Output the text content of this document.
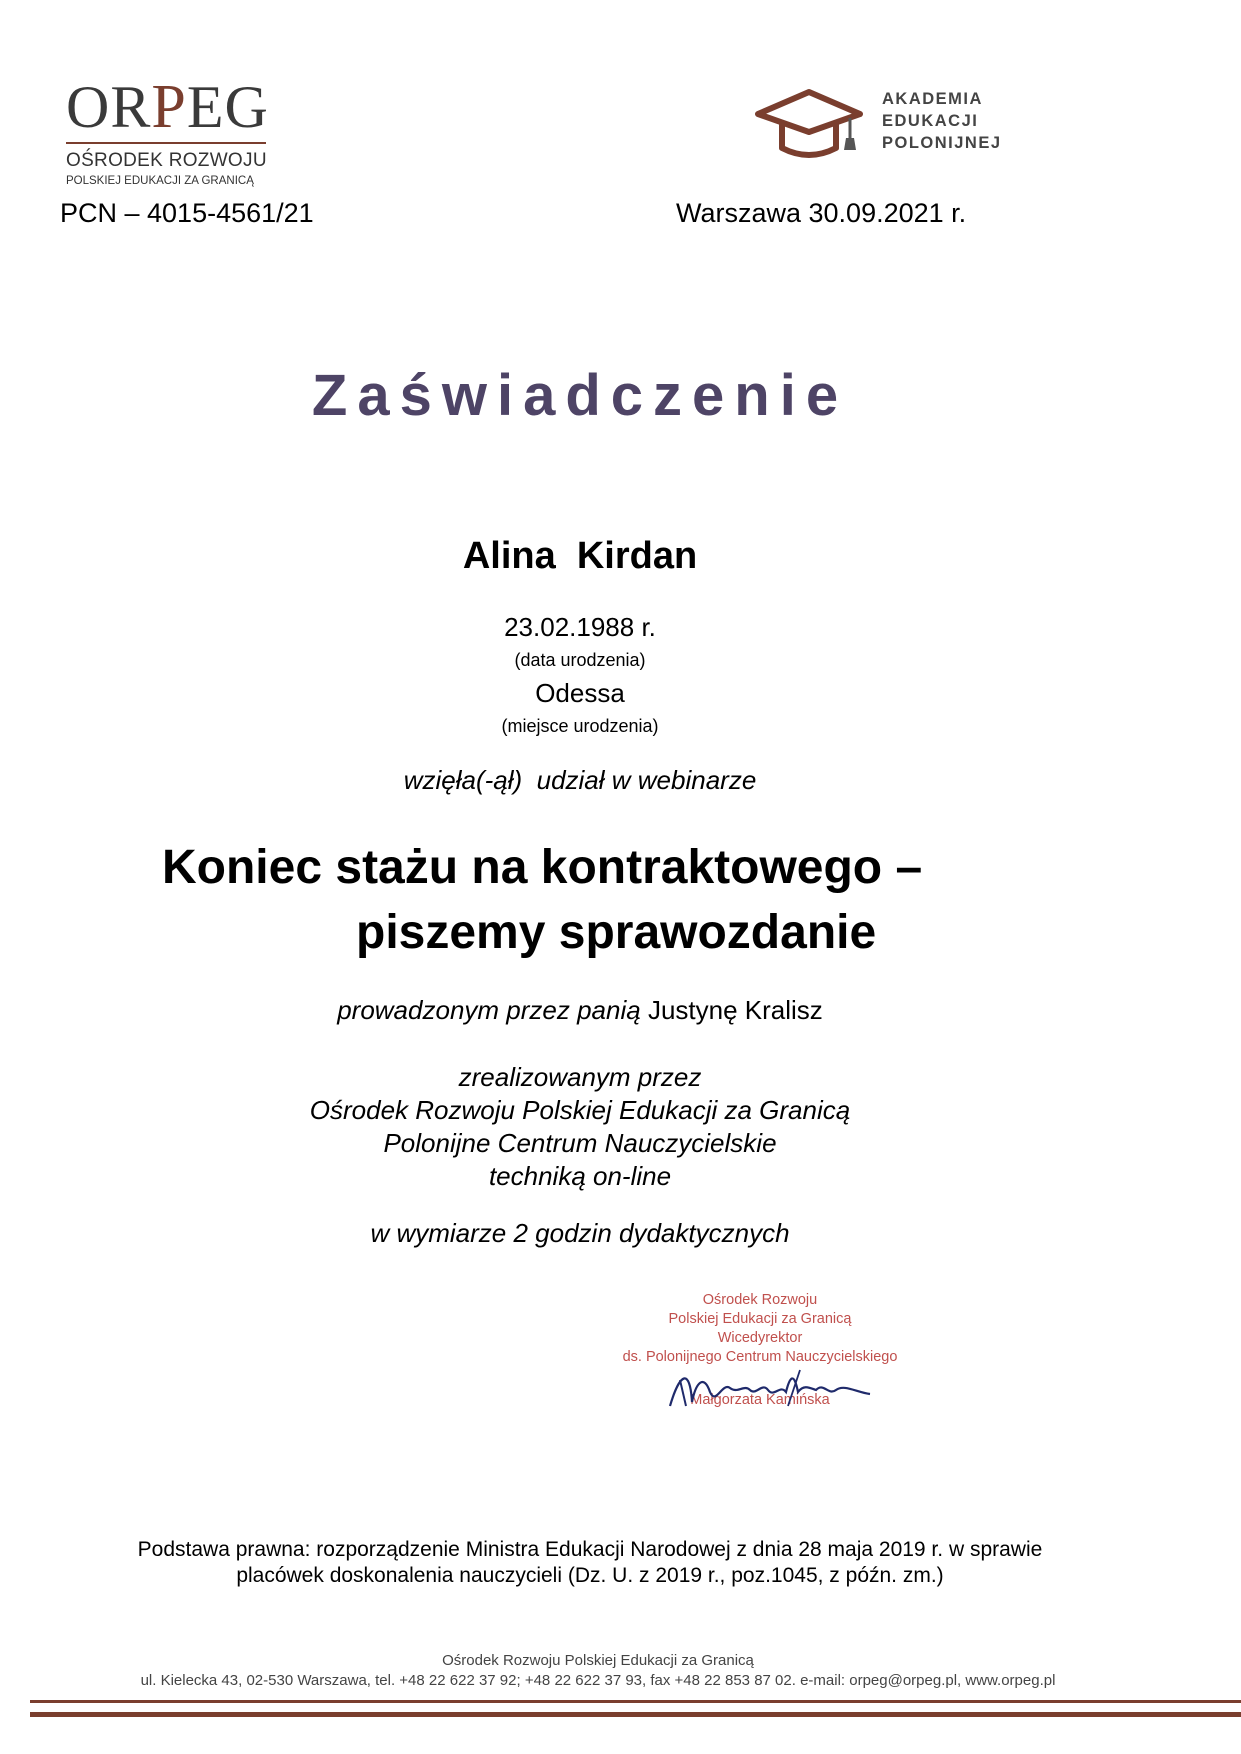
ORPEG
OŚRODEK ROZWOJU
POLSKIEJ EDUKACJI ZA GRANICĄ
AKADEMIA
EDUKACJI
POLONIJNEJ
PCN – 4015-4561/21	Warszawa 30.09.2021 r.
Zaświadczenie
Alina  Kirdan
23.02.1988 r.
(data urodzenia)
Odessa
(miejsce urodzenia)
wzięła(-ął)  udział w webinarze
Koniec stażu na kontraktowego –
piszemy sprawozdanie
prowadzonym przez panią Justynę Kralisz
zrealizowanym przez
Ośrodek Rozwoju Polskiej Edukacji za Granicą
Polonijne Centrum Nauczycielskie
techniką on-line
w wymiarze 2 godzin dydaktycznych
Ośrodek Rozwoju
Polskiej Edukacji za Granicą
Wicedyrektor
ds. Polonijnego Centrum Nauczycielskiego
Małgorzata Kamińska
Podstawa prawna: rozporządzenie Ministra Edukacji Narodowej z dnia 28 maja 2019 r. w sprawie
placówek doskonalenia nauczycieli (Dz. U. z 2019 r., poz.1045, z późn. zm.)
Ośrodek Rozwoju Polskiej Edukacji za Granicą
ul. Kielecka 43, 02-530 Warszawa, tel. +48 22 622 37 92; +48 22 622 37 93, fax +48 22 853 87 02. e-mail: orpeg@orpeg.pl, www.orpeg.pl
